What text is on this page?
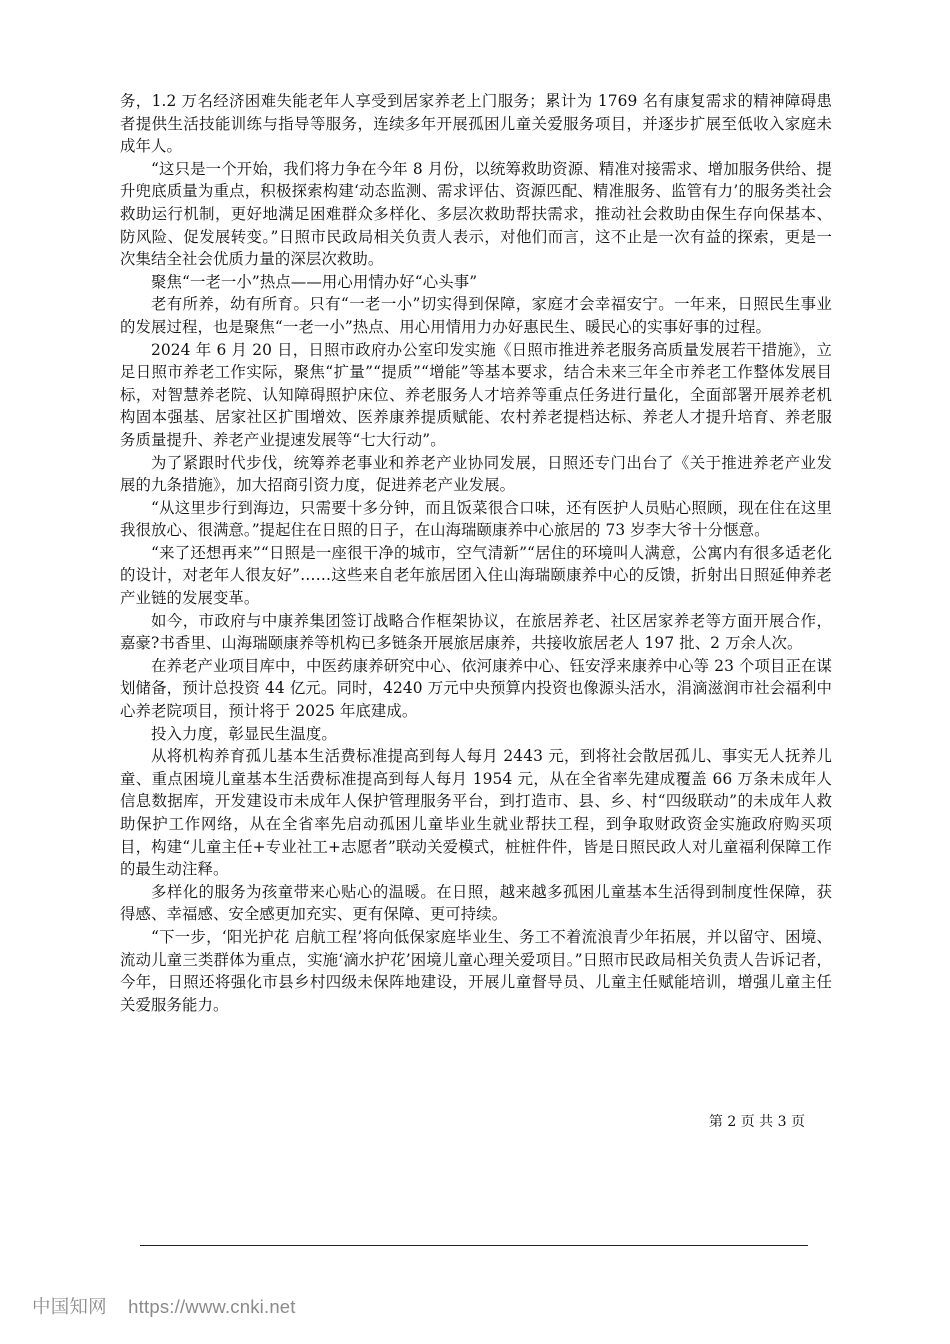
务，1.2 万名经济困难失能老年人享受到居家养老上门服务；累计为 1769 名有康复需求的精神障碍患者提供生活技能训练与指导等服务，连续多年开展孤困儿童关爱服务项目，并逐步扩展至低收入家庭未成年人。

“这只是一个开始，我们将力争在今年 8 月份，以统筹救助资源、精准对接需求、增加服务供给、提升兜底质量为重点，积极探索构建‘动态监测、需求评估、资源匹配、精准服务、监管有力’的服务类社会救助运行机制，更好地满足困难群众多样化、多层次救助帮扶需求，推动社会救助由保生存向保基本、防风险、促发展转变。”日照市民政局相关负责人表示，对他们而言，这不止是一次有益的探索，更是一次集结全社会优质力量的深层次救助。

聚焦“一老一小”热点——用心用情办好“心头事”

老有所养，幼有所育。只有“一老一小”切实得到保障，家庭才会幸福安宁。一年来，日照民生事业的发展过程，也是聚焦“一老一小”热点、用心用情用力办好惠民生、暖民心的实事好事的过程。

2024 年 6 月 20 日，日照市政府办公室印发实施《日照市推进养老服务高质量发展若干措施》，立足日照市养老工作实际，聚焦“扩量”“提质”“增能”等基本要求，结合未来三年全市养老工作整体发展目标，对智慧养老院、认知障碍照护床位、养老服务人才培养等重点任务进行量化，全面部署开展养老机构固本强基、居家社区扩围增效、医养康养提质赋能、农村养老提档达标、养老人才提升培育、养老服务质量提升、养老产业提速发展等“七大行动”。

为了紧跟时代步伐，统筹养老事业和养老产业协同发展，日照还专门出台了《关于推进养老产业发展的九条措施》，加大招商引资力度，促进养老产业发展。

“从这里步行到海边，只需要十多分钟，而且饭菜很合口味，还有医护人员贴心照顾，现在住在这里我很放心、很满意。”提起住在日照的日子，在山海瑞颐康养中心旅居的 73 岁李大爷十分惬意。

“来了还想再来”“日照是一座很干净的城市，空气清新”“居住的环境叫人满意，公寓内有很多适老化的设计，对老年人很友好”……这些来自老年旅居团入住山海瑞颐康养中心的反馈，折射出日照延伸养老产业链的发展变革。

如今，市政府与中康养集团签订战略合作框架协议，在旅居养老、社区居家养老等方面开展合作，嘉豪?书香里、山海瑞颐康养等机构已多链条开展旅居康养，共接收旅居老人 197 批、2 万余人次。

在养老产业项目库中，中医药康养研究中心、依河康养中心、钰安浮来康养中心等 23 个项目正在谋划储备，预计总投资 44 亿元。同时，4240 万元中央预算内投资也像源头活水，涓滴滋润市社会福利中心养老院项目，预计将于 2025 年底建成。

投入力度，彰显民生温度。

从将机构养育孤儿基本生活费标准提高到每人每月 2443 元，到将社会散居孤儿、事实无人抚养儿童、重点困境儿童基本生活费标准提高到每人每月 1954 元，从在全省率先建成覆盖 66 万条未成年人信息数据库，开发建设市未成年人保护管理服务平台，到打造市、县、乡、村“四级联动”的未成年人救助保护工作网络，从在全省率先启动孤困儿童毕业生就业帮扶工程，到争取财政资金实施政府购买项目，构建“儿童主任+专业社工+志愿者”联动关爱模式，桩桩件件，皆是日照民政人对儿童福利保障工作的最生动注释。

多样化的服务为孩童带来心贴心的温暖。在日照，越来越多孤困儿童基本生活得到制度性保障，获得感、幸福感、安全感更加充实、更有保障、更可持续。

“下一步，‘阳光护花 启航工程’将向低保家庭毕业生、务工不着流浪青少年拓展，并以留守、困境、流动儿童三类群体为重点，实施‘滴水护花’困境儿童心理关爱项目。”日照市民政局相关负责人告诉记者，今年，日照还将强化市县乡村四级未保阵地建设，开展儿童督导员、儿童主任赋能培训，增强儿童主任关爱服务能力。

第 2 页 共 3 页
中国知网 https://www.cnki.net
